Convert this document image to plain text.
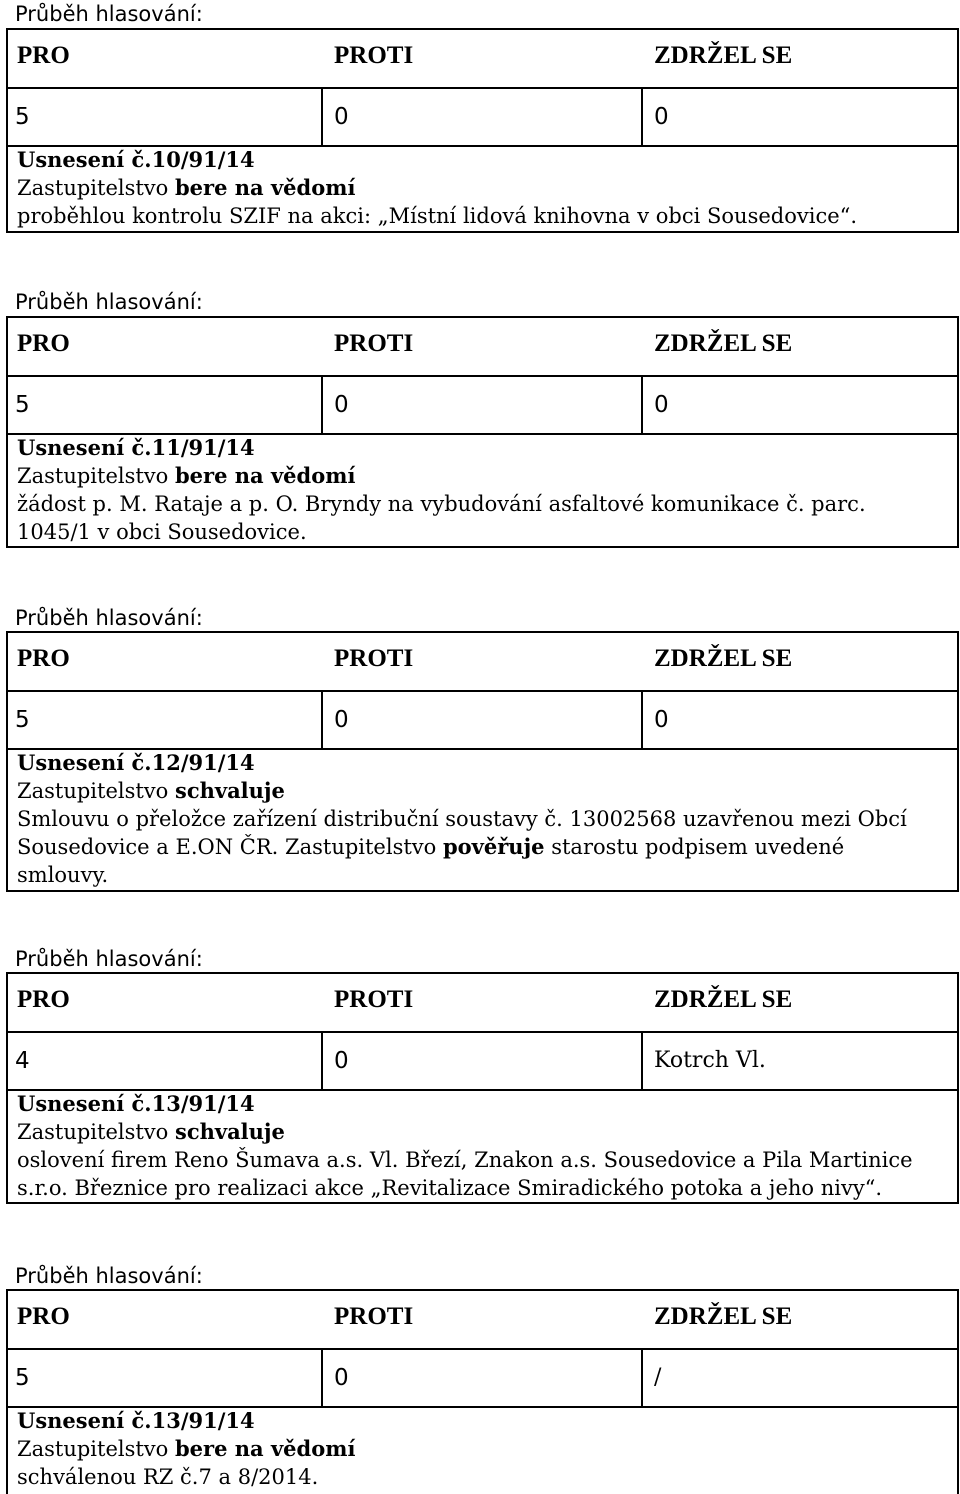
Průběh hlasování:
PRO	PROTI	ZDRŽEL SE
5	0	0
Usnesení č.10/91/14
Zastupitelstvo bere na vědomí
proběhlou kontrolu SZIF na akci: „Místní lidová knihovna v obci Sousedovice“.
Průběh hlasování:
PRO	PROTI	ZDRŽEL SE
5	0	0
Usnesení č.11/91/14
Zastupitelstvo bere na vědomí
žádost p. M. Rataje a p. O. Bryndy na vybudování asfaltové komunikace č. parc.
1045/1 v obci Sousedovice.
Průběh hlasování:
PRO	PROTI	ZDRŽEL SE
5	0	0
Usnesení č.12/91/14
Zastupitelstvo schvaluje
Smlouvu o přeložce zařízení distribuční soustavy č. 13002568 uzavřenou mezi Obcí
Sousedovice a E.ON ČR. Zastupitelstvo pověřuje starostu podpisem uvedené
smlouvy.
Průběh hlasování:
PRO	PROTI	ZDRŽEL SE
4	0	Kotrch Vl.
Usnesení č.13/91/14
Zastupitelstvo schvaluje
oslovení firem Reno Šumava a.s. Vl. Březí, Znakon a.s. Sousedovice a Pila Martinice
s.r.o. Březnice pro realizaci akce „Revitalizace Smiradického potoka a jeho nivy“.
Průběh hlasování:
PRO	PROTI	ZDRŽEL SE
5	0	/
Usnesení č.13/91/14
Zastupitelstvo bere na vědomí
schválenou RZ č.7 a 8/2014.
